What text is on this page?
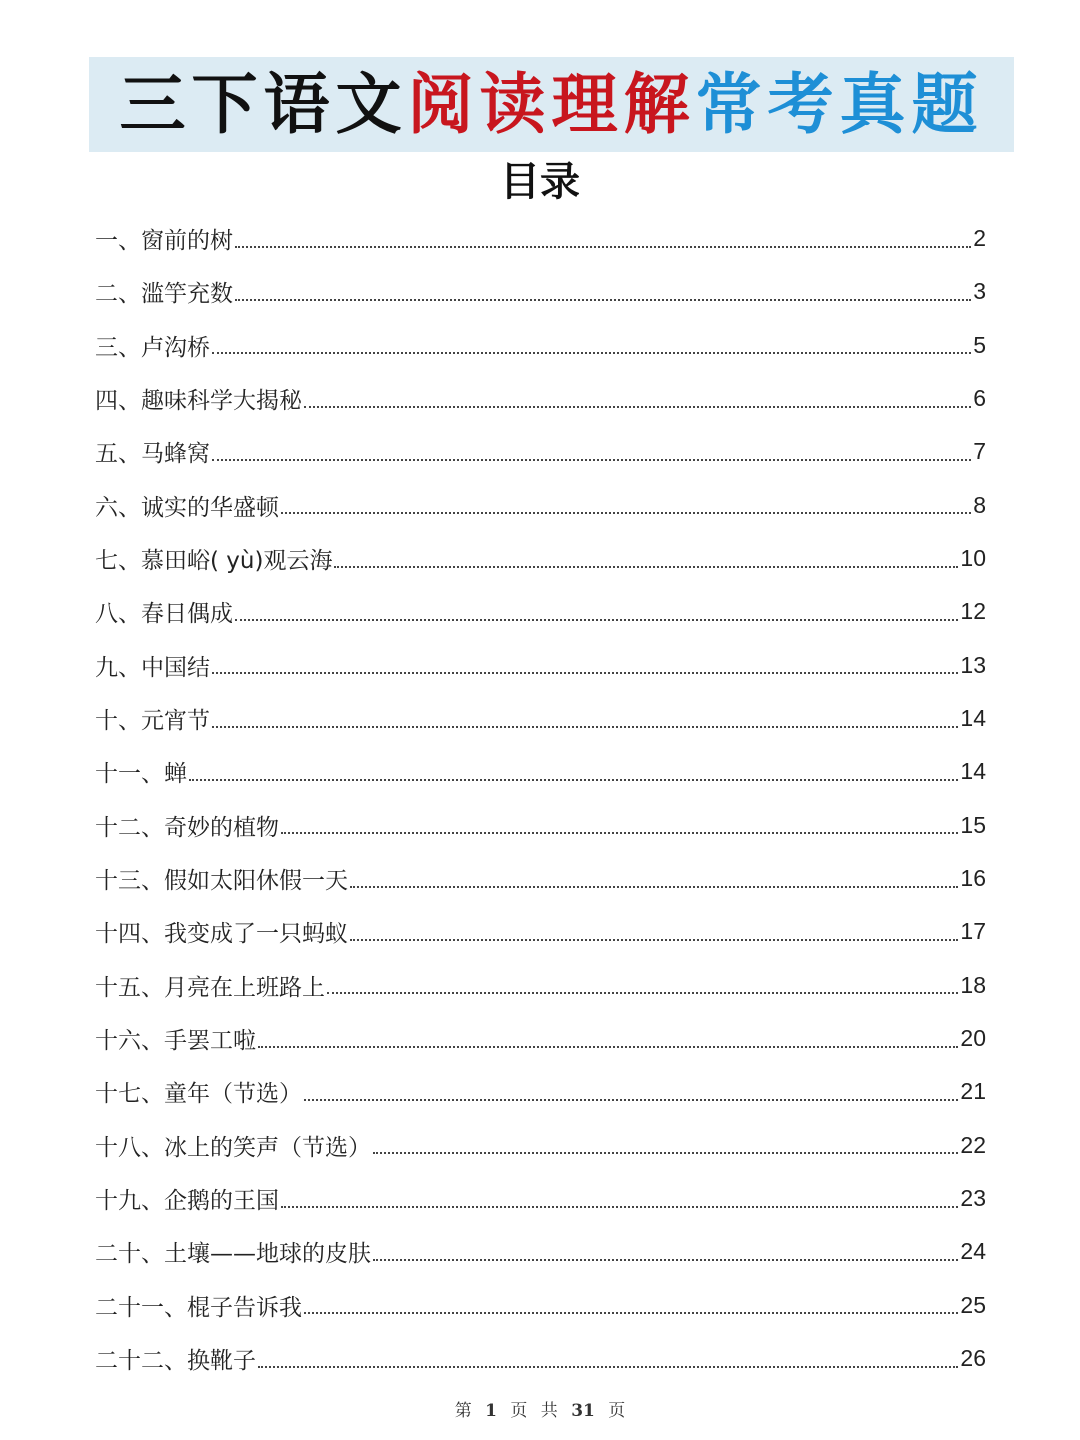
三下语文阅读理解常考真题
目录
一、窗前的树	2
二、滥竽充数	3
三、卢沟桥	5
四、趣味科学大揭秘	6
五、马蜂窝	7
六、诚实的华盛顿	8
七、慕田峪( yù)观云海	10
八、春日偶成	12
九、中国结	13
十、元宵节	14
十一、蝉	14
十二、奇妙的植物	15
十三、假如太阳休假一天	16
十四、我变成了一只蚂蚁	17
十五、月亮在上班路上	18
十六、手罢工啦	20
十七、童年（节选）	21
十八、冰上的笑声（节选）	22
十九、企鹅的王国	23
二十、土壤——地球的皮肤	24
二十一、棍子告诉我	25
二十二、换靴子	26
第 1 页 共 31 页
